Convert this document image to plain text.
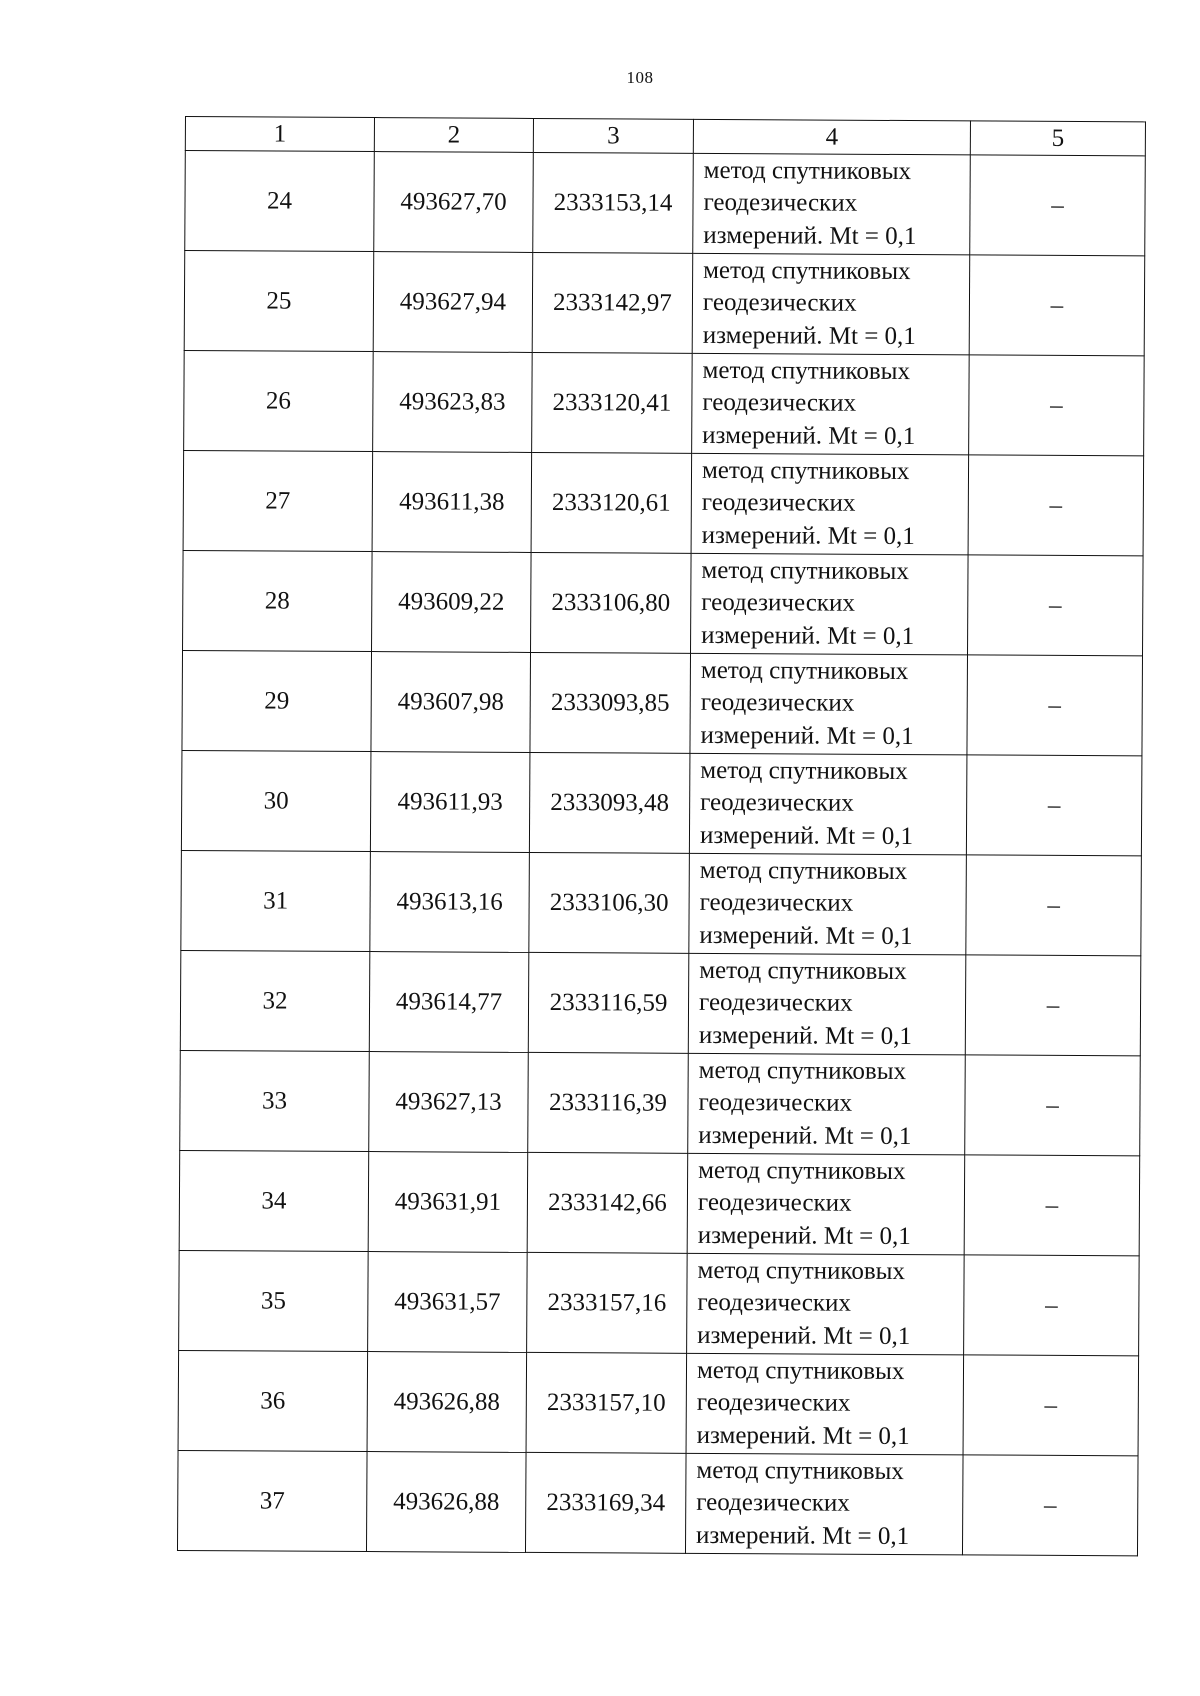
108
1	2	3	4	5
24	493627,70	2333153,14	метод спутниковых
геодезических
измерений. Mt = 0,1	–
25	493627,94	2333142,97	метод спутниковых
геодезических
измерений. Mt = 0,1	–
26	493623,83	2333120,41	метод спутниковых
геодезических
измерений. Mt = 0,1	–
27	493611,38	2333120,61	метод спутниковых
геодезических
измерений. Mt = 0,1	–
28	493609,22	2333106,80	метод спутниковых
геодезических
измерений. Mt = 0,1	–
29	493607,98	2333093,85	метод спутниковых
геодезических
измерений. Mt = 0,1	–
30	493611,93	2333093,48	метод спутниковых
геодезических
измерений. Mt = 0,1	–
31	493613,16	2333106,30	метод спутниковых
геодезических
измерений. Mt = 0,1	–
32	493614,77	2333116,59	метод спутниковых
геодезических
измерений. Mt = 0,1	–
33	493627,13	2333116,39	метод спутниковых
геодезических
измерений. Mt = 0,1	–
34	493631,91	2333142,66	метод спутниковых
геодезических
измерений. Mt = 0,1	–
35	493631,57	2333157,16	метод спутниковых
геодезических
измерений. Mt = 0,1	–
36	493626,88	2333157,10	метод спутниковых
геодезических
измерений. Mt = 0,1	–
37	493626,88	2333169,34	метод спутниковых
геодезических
измерений. Mt = 0,1	–
